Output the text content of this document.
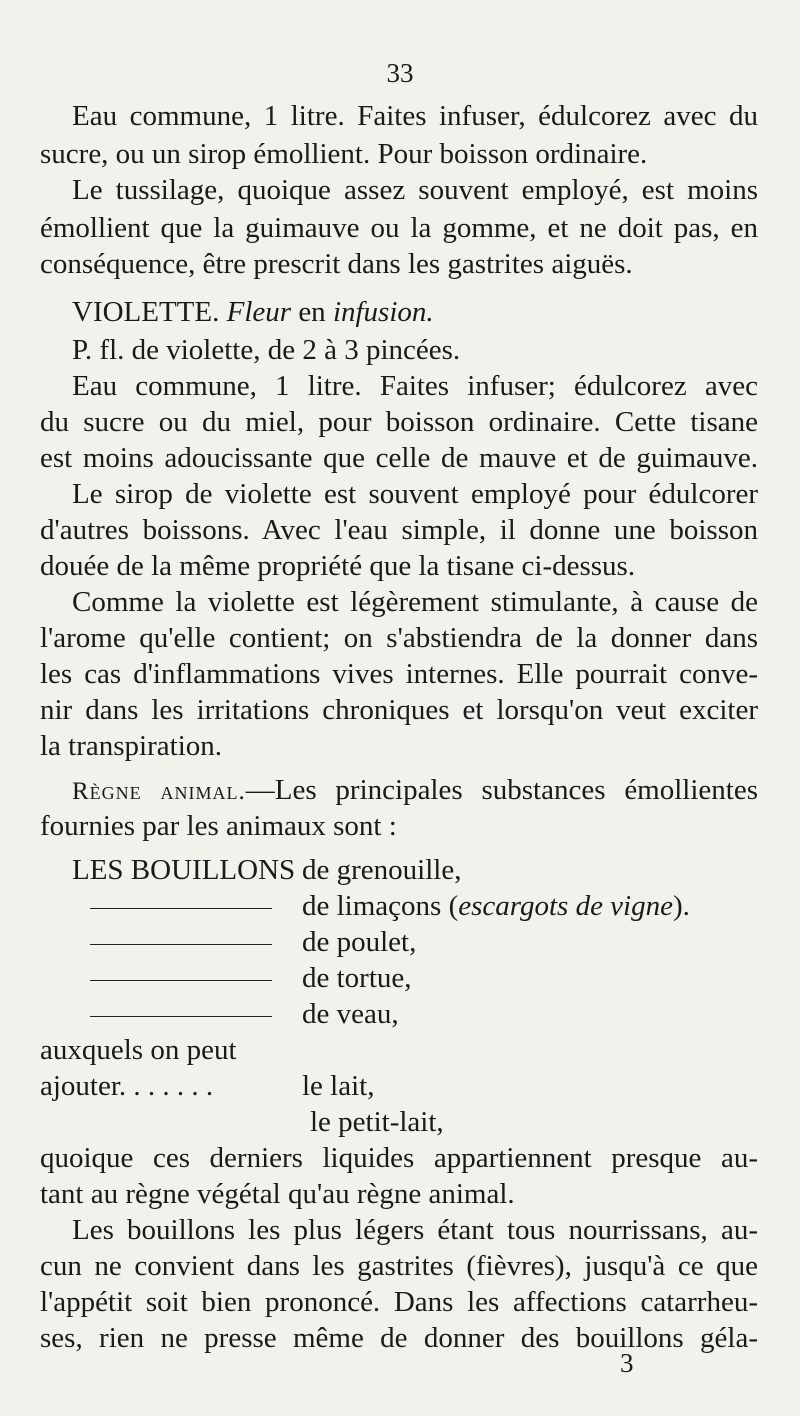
33
Eau commune, 1 litre. Faites infuser, édulcorez avec du
sucre, ou un sirop émollient. Pour boisson ordinaire.
Le tussilage, quoique assez souvent employé, est moins
émollient que la guimauve ou la gomme, et ne doit pas, en
conséquence, être prescrit dans les gastrites aiguës.
VIOLETTE. Fleur en infusion.
P. fl. de violette, de 2 à 3 pincées.
Eau commune, 1 litre. Faites infuser; édulcorez avec
du sucre ou du miel, pour boisson ordinaire. Cette tisane
est moins adoucissante que celle de mauve et de guimauve.
Le sirop de violette est souvent employé pour édulcorer
d'autres boissons. Avec l'eau simple, il donne une boisson
douée de la même propriété que la tisane ci-dessus.
Comme la violette est légèrement stimulante, à cause de
l'arome qu'elle contient; on s'abstiendra de la donner dans
les cas d'inflammations vives internes. Elle pourrait conve-
nir dans les irritations chroniques et lorsqu'on veut exciter
la transpiration.
Règne animal.—Les principales substances émollientes
fournies par les animaux sont :
LES BOUILLONS de grenouille,
de limaçons (escargots de vigne).
de poulet,
de tortue,
de veau,
auxquels on peut
ajouter. . . . . . .	le lait,
le petit-lait,
quoique ces derniers liquides appartiennent presque au-
tant au règne végétal qu'au règne animal.
Les bouillons les plus légers étant tous nourrissans, au-
cun ne convient dans les gastrites (fièvres), jusqu'à ce que
l'appétit soit bien prononcé. Dans les affections catarrheu-
ses, rien ne presse même de donner des bouillons géla-
3
